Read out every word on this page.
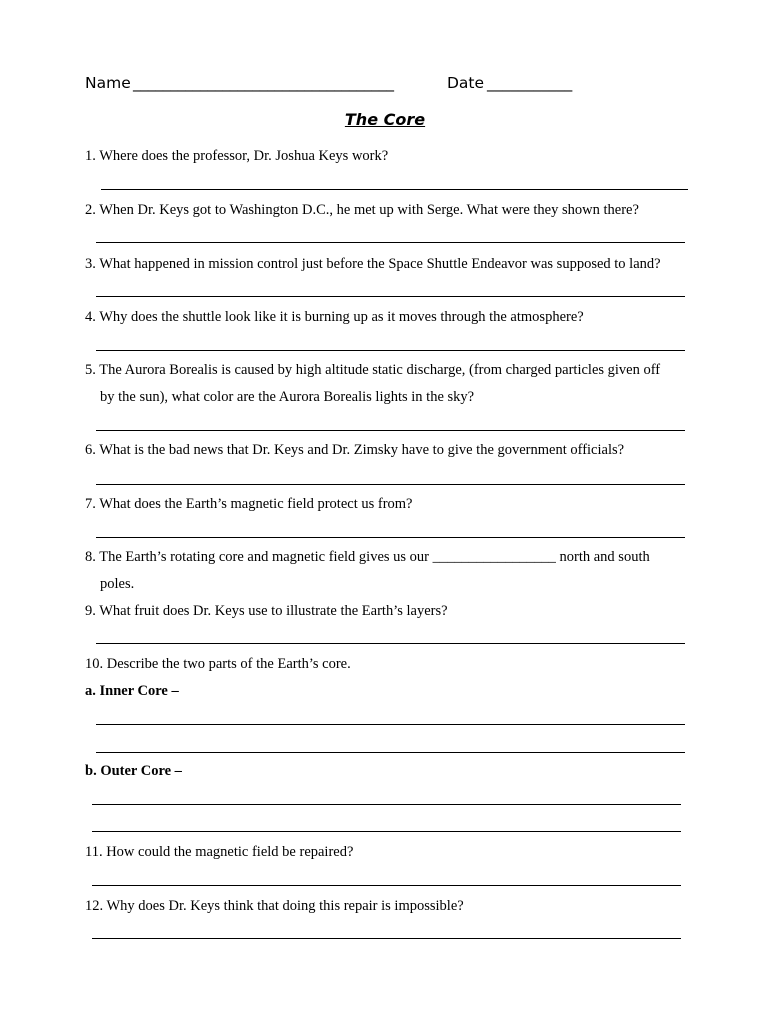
Name ___________________________________	Date ___________
The Core
1. Where does the professor, Dr. Joshua Keys work?
2. When Dr. Keys got to Washington D.C., he met up with Serge. What were they shown there?
3. What happened in mission control just before the Space Shuttle Endeavor was supposed to land?
4. Why does the shuttle look like it is burning up as it moves through the atmosphere?
5. The Aurora Borealis is caused by high altitude static discharge, (from charged particles given off
by the sun), what color are the Aurora Borealis lights in the sky?
6. What is the bad news that Dr. Keys and Dr. Zimsky have to give the government officials?
7. What does the Earth’s magnetic field protect us from?
8. The Earth’s rotating core and magnetic field gives us our _________________ north and south
poles.
9. What fruit does Dr. Keys use to illustrate the Earth’s layers?
10. Describe the two parts of the Earth’s core.
a. Inner Core –
b. Outer Core –
11. How could the magnetic field be repaired?
12. Why does Dr. Keys think that doing this repair is impossible?
